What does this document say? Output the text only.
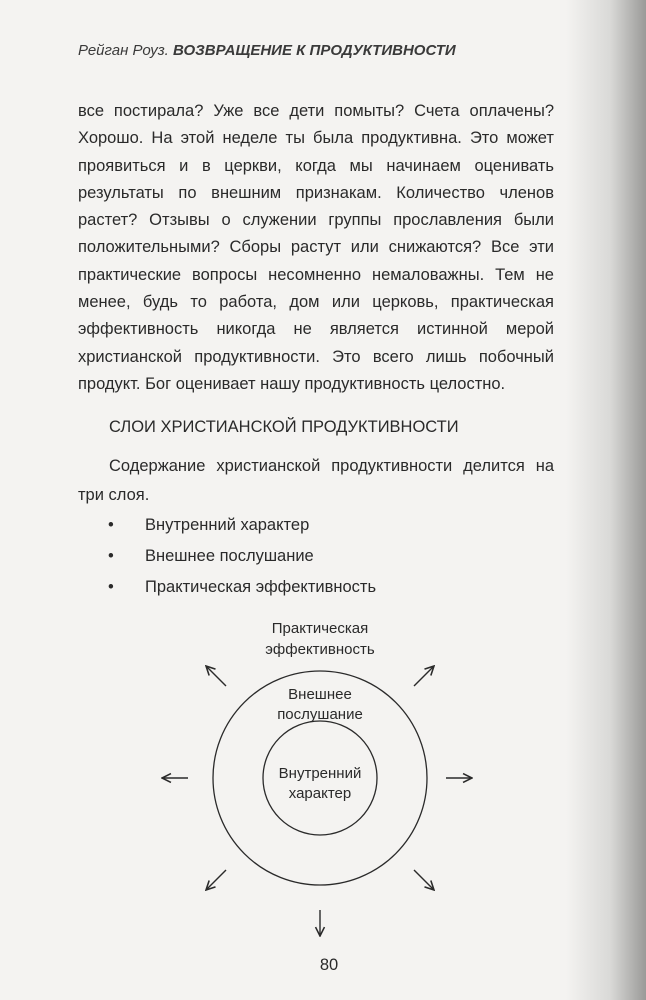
Рейган Роуз. ВОЗВРАЩЕНИЕ К ПРОДУКТИВНОСТИ

все постирала? Уже все дети помыты? Счета оплачены? Хорошо. На этой неделе ты была продуктивна. Это может проявиться и в церкви, когда мы начинаем оценивать результаты по внешним признакам. Количество членов растет? Отзывы о служении группы прославления были положительными? Сборы растут или снижаются? Все эти практические вопросы несомненно немаловажны. Тем не менее, будь то работа, дом или церковь, практическая эффективность никогда не является истинной мерой христианской продуктивности. Это всего лишь побочный продукт. Бог оценивает нашу продуктивность целостно.

СЛОИ ХРИСТИАНСКОЙ ПРОДУКТИВНОСТИ

Содержание христианской продуктивности делится на три слоя.

• Внутренний характер
• Внешнее послушание
• Практическая эффективность
Практическая
эффективность
Внешнее
послушание
Внутренний
характер
80
